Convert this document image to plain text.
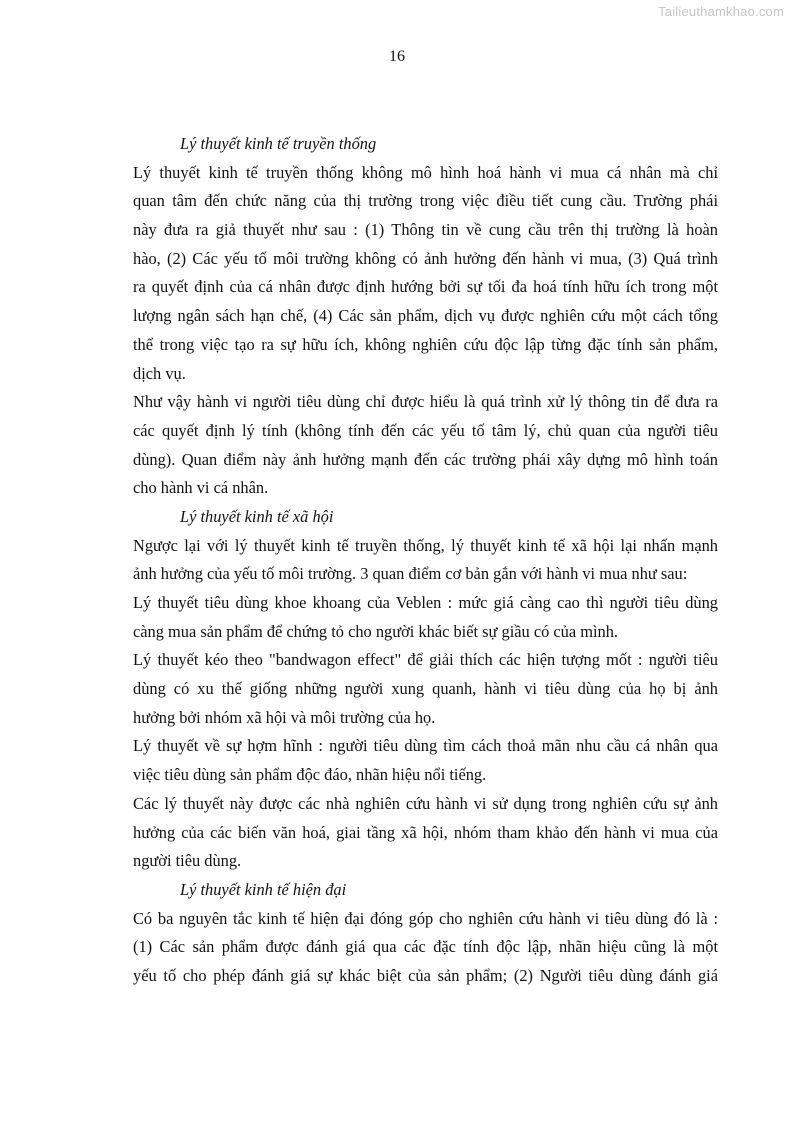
Tailieuthamkhao.com
16
Lý thuyết kinh tế truyền thống
Lý thuyết kinh tế truyền thống không mô hình hoá hành vi mua cá nhân mà chỉ
quan tâm đến chức năng của thị trường trong việc điều tiết cung cầu. Trường phái
này đưa ra giả thuyết như sau : (1) Thông tin về cung cầu trên thị trường là hoàn
hào, (2) Các yếu tố môi trường không có ảnh hưởng đến hành vi mua, (3) Quá trình
ra quyết định của cá nhân được định hướng bởi sự tối đa hoá tính hữu ích trong một
lượng ngân sách hạn chế, (4) Các sản phẩm, dịch vụ được nghiên cứu một cách tổng
thể trong việc tạo ra sự hữu ích, không nghiên cứu độc lập từng đặc tính sản phẩm,
dịch vụ.
Như vậy hành vi người tiêu dùng chỉ được hiểu là quá trình xử lý thông tin để đưa ra
các quyết định lý tính (không tính đến các yếu tố tâm lý, chủ quan của người tiêu
dùng). Quan điểm này ảnh hưởng mạnh đến các trường phái xây dựng mô hình toán
cho hành vi cá nhân.
Lý thuyết kinh tế xã hội
Ngược lại với lý thuyết kinh tế truyền thống, lý thuyết kinh tế xã hội lại nhấn mạnh
ảnh hưởng của yếu tố môi trường. 3 quan điểm cơ bản gắn với hành vi mua như sau:
Lý thuyết tiêu dùng khoe khoang của Veblen : mức giá càng cao thì người tiêu dùng
càng mua sản phẩm để chứng tỏ cho người khác biết sự giầu có của mình.
Lý thuyết kéo theo "bandwagon effect" để giải thích các hiện tượng mốt : người tiêu
dùng có xu thế giống những người xung quanh, hành vi tiêu dùng của họ bị ảnh
hưởng bởi nhóm xã hội và môi trường của họ.
Lý thuyết về sự hợm hĩnh : người tiêu dùng tìm cách thoả mãn nhu cầu cá nhân qua
việc tiêu dùng sản phẩm độc đáo, nhãn hiệu nổi tiếng.
Các lý thuyết này được các nhà nghiên cứu hành vi sử dụng trong nghiên cứu sự ảnh
hưởng của các biến văn hoá, giai tầng xã hội, nhóm tham khảo đến hành vi mua của
người tiêu dùng.
Lý thuyết kinh tế hiện đại
Có ba nguyên tắc kinh tế hiện đại đóng góp cho nghiên cứu hành vi tiêu dùng đó là :
(1) Các sản phẩm được đánh giá qua các đặc tính độc lập, nhãn hiệu cũng là một
yếu tố cho phép đánh giá sự khác biệt của sản phẩm; (2) Người tiêu dùng đánh giá
